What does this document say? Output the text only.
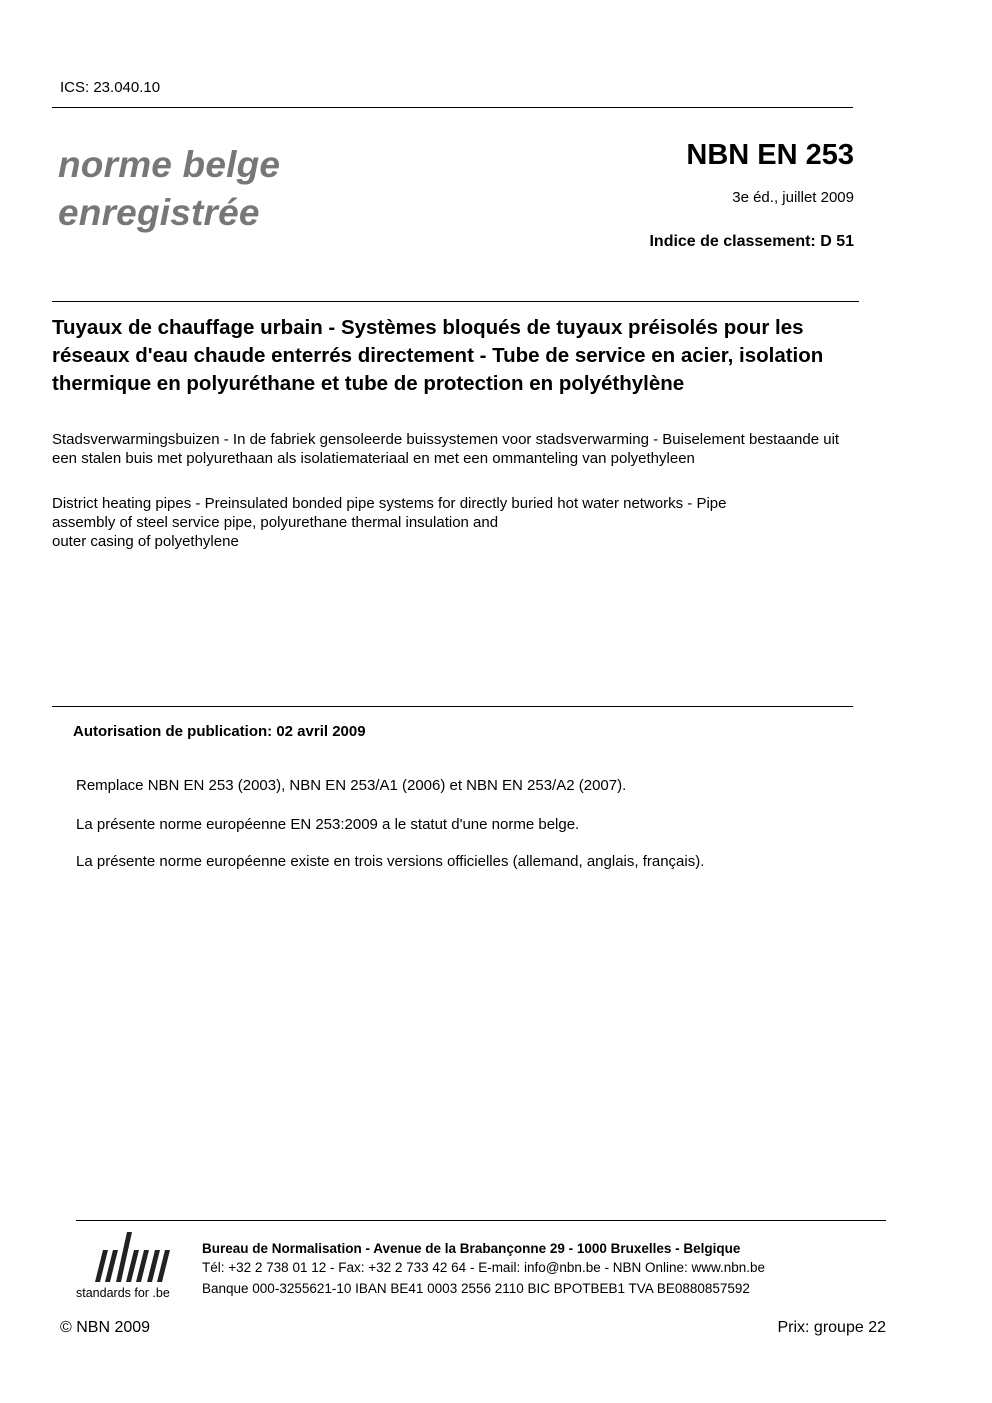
ICS: 23.040.10
norme belge
enregistrée
NBN EN 253
3e éd., juillet 2009
Indice de classement: D 51
Tuyaux de chauffage urbain - Systèmes bloqués de tuyaux préisolés pour les réseaux d'eau chaude enterrés directement - Tube de service en acier, isolation thermique en polyuréthane et tube de protection en polyéthylène
Stadsverwarmingsbuizen - In de fabriek gensoleerde buissystemen voor stadsverwarming - Buiselement bestaande uit een stalen buis met polyurethaan als isolatiemateriaal en met een ommanteling van polyethyleen
District heating pipes - Preinsulated bonded pipe systems for directly buried hot water networks - Pipe
assembly of steel service pipe, polyurethane thermal insulation and
outer casing of polyethylene
Autorisation de publication: 02 avril 2009
Remplace NBN EN 253 (2003), NBN EN 253/A1 (2006) et NBN EN 253/A2 (2007).
La présente norme européenne EN 253:2009 a le statut d'une norme belge.
La présente norme européenne existe en trois versions officielles (allemand, anglais, français).
standards for .be
Bureau de Normalisation - Avenue de la Brabançonne 29 - 1000 Bruxelles - Belgique
Tél: +32 2 738 01 12 - Fax: +32 2 733 42 64 - E-mail: info@nbn.be - NBN Online: www.nbn.be
Banque 000-3255621-10 IBAN BE41 0003 2556 2110 BIC BPOTBEB1 TVA BE0880857592
© NBN 2009	Prix: groupe 22
